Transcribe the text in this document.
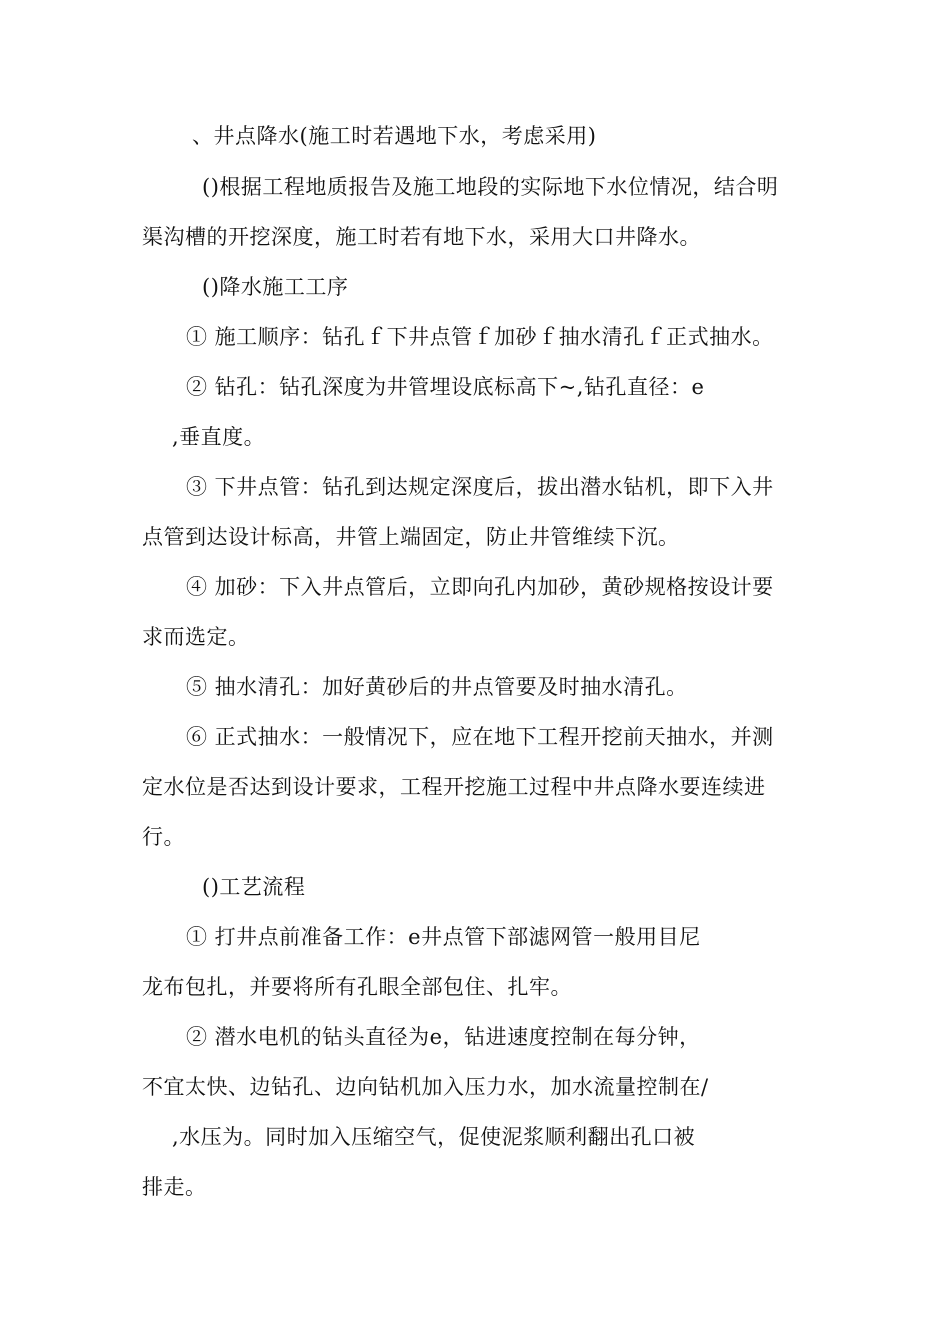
、井点降水(施工时若遇地下水，考虑采用)
()根据工程地质报告及施工地段的实际地下水位情况，结合明
渠沟槽的开挖深度，施工时若有地下水，采用大口井降水。
()降水施工工序
① 施工顺序：钻孔ｆ下井点管ｆ加砂ｆ抽水清孔ｆ正式抽水。
② 钻孔：钻孔深度为井管埋设底标高下~,钻孔直径：e
,垂直度。
③ 下井点管：钻孔到达规定深度后，拔出潜水钻机，即下入井
点管到达设计标高，井管上端固定，防止井管维续下沉。
④ 加砂：下入井点管后，立即向孔内加砂，黄砂规格按设计要
求而选定。
⑤ 抽水清孔：加好黄砂后的井点管要及时抽水清孔。
⑥ 正式抽水：一般情况下，应在地下工程开挖前天抽水，并测
定水位是否达到设计要求，工程开挖施工过程中井点降水要连续进
行。
()工艺流程
① 打井点前准备工作：e井点管下部滤网管一般用目尼
龙布包扎，并要将所有孔眼全部包住、扎牢。
② 潜水电机的钻头直径为e，钻进速度控制在每分钟，
不宜太快、边钻孔、边向钻机加入压力水，加水流量控制在/
,水压为。同时加入压缩空气，促使泥浆顺利翻出孔口被
排走。
